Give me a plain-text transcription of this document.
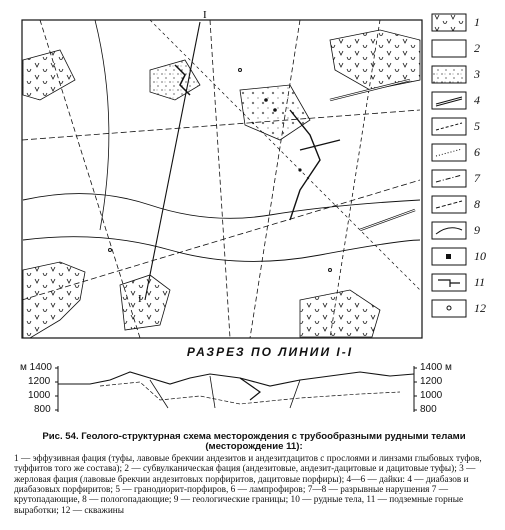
I
I
1
2
3
4
5
6
7
8
9
10
11
12
РАЗРЕЗ ПО ЛИНИИ I-I
м 1400
1200
1000
800
1400 м
1200
1000
800
Рис. 54. Геолого-структурная схема месторождения с трубообразными рудными телами
(месторождение 11):
1 — эффузивная фация (туфы, лавовые брекчии андезитов и андезитдацитов с прослоями и линзами глыбовых туфов, туффитов того же состава); 2 — субвулканическая фация (андезитовые, андезит-дацитовые и дацитовые туфы); 3 — жерловая фация (лавовые брекчии андезитовых порфиритов, дацитовые порфиры); 4—6 — дайки: 4 — диабазов и диабазовых порфиритов; 5 — гранодиорит-порфиров, 6 — лампрофиров; 7—8 — разрывные нарушения 7 — крутопадающие, 8 — пологопадающие; 9 — геологические границы; 10 — рудные тела, 11 — подземные горные выработки; 12 — скважины
